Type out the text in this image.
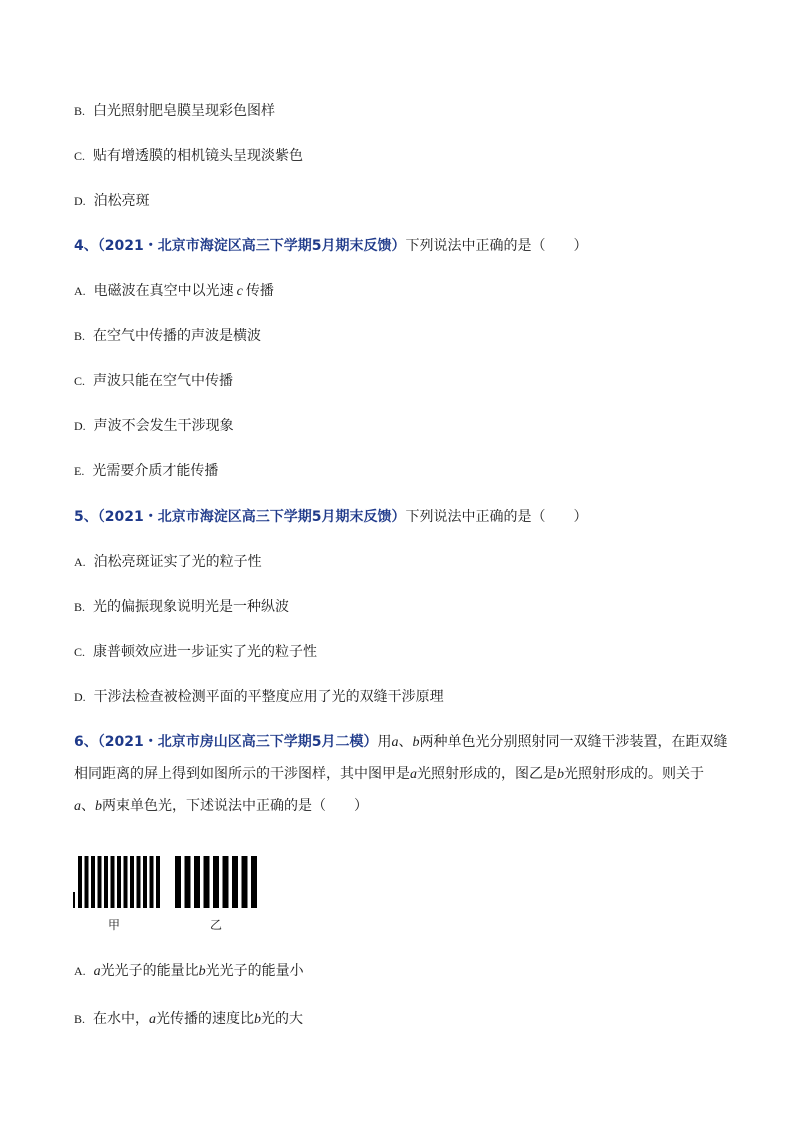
B. 白光照射肥皂膜呈现彩色图样
C. 贴有增透膜的相机镜头呈现淡紫色
D. 泊松亮斑
4、（2021・北京市海淀区高三下学期5月期末反馈）下列说法中正确的是（　　）
A. 电磁波在真空中以光速 c 传播
B. 在空气中传播的声波是横波
C. 声波只能在空气中传播
D. 声波不会发生干涉现象
E. 光需要介质才能传播
5、（2021・北京市海淀区高三下学期5月期末反馈）下列说法中正确的是（　　）
A. 泊松亮斑证实了光的粒子性
B. 光的偏振现象说明光是一种纵波
C. 康普顿效应进一步证实了光的粒子性
D. 干涉法检查被检测平面的平整度应用了光的双缝干涉原理
6、（2021・北京市房山区高三下学期5月二模）用a、b两种单色光分别照射同一双缝干涉装置，在距双缝
相同距离的屏上得到如图所示的干涉图样，其中图甲是a光照射形成的，图乙是b光照射形成的。则关于
a、b两束单色光，下述说法中正确的是（　　）
甲	乙
A. a光光子的能量比b光光子的能量小
B. 在水中，a光传播的速度比b光的大
